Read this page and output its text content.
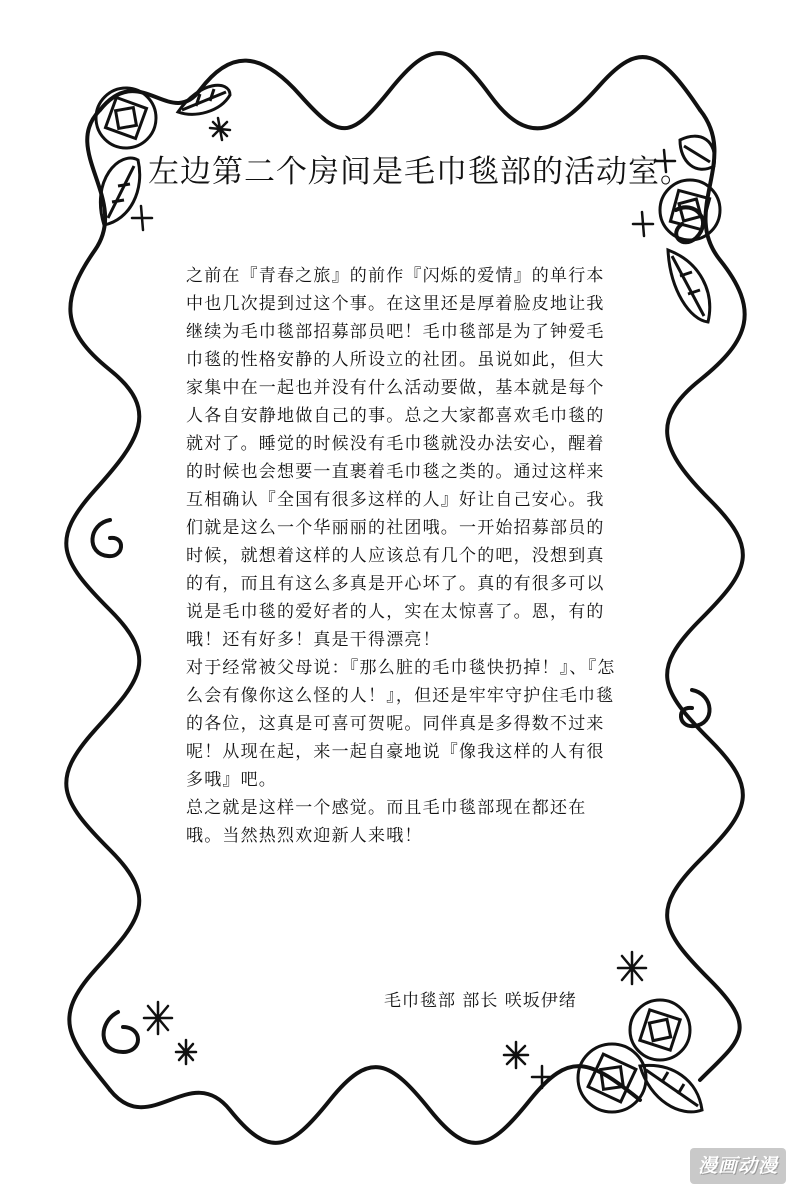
左边第二个房间是毛巾毯部的活动室。

之前在『青春之旅』的前作『闪烁的爱情』的单行本中也几次提到过这个事。在这里还是厚着脸皮地让我继续为毛巾毯部招募部员吧！毛巾毯部是为了钟爱毛巾毯的性格安静的人所设立的社团。虽说如此，但大家集中在一起也并没有什么活动要做，基本就是每个人各自安静地做自己的事。总之大家都喜欢毛巾毯的就对了。睡觉的时候没有毛巾毯就没办法安心，醒着的时候也会想要一直裹着毛巾毯之类的。通过这样来互相确认『全国有很多这样的人』好让自己安心。我们就是这么一个华丽丽的社团哦。一开始招募部员的时候，就想着这样的人应该总有几个的吧，没想到真的有，而且有这么多真是开心坏了。真的有很多可以说是毛巾毯的爱好者的人，实在太惊喜了。恩，有的哦！还有好多！真是干得漂亮！

对于经常被父母说：『那么脏的毛巾毯快扔掉！』、『怎么会有像你这么怪的人！』，但还是牢牢守护住毛巾毯的各位，这真是可喜可贺呢。同伴真是多得数不过来呢！从现在起，来一起自豪地说『像我这样的人有很多哦』吧。

总之就是这样一个感觉。而且毛巾毯部现在都还在哦。当然热烈欢迎新人来哦！

毛巾毯部 部长 咲坂伊绪
漫画动漫
